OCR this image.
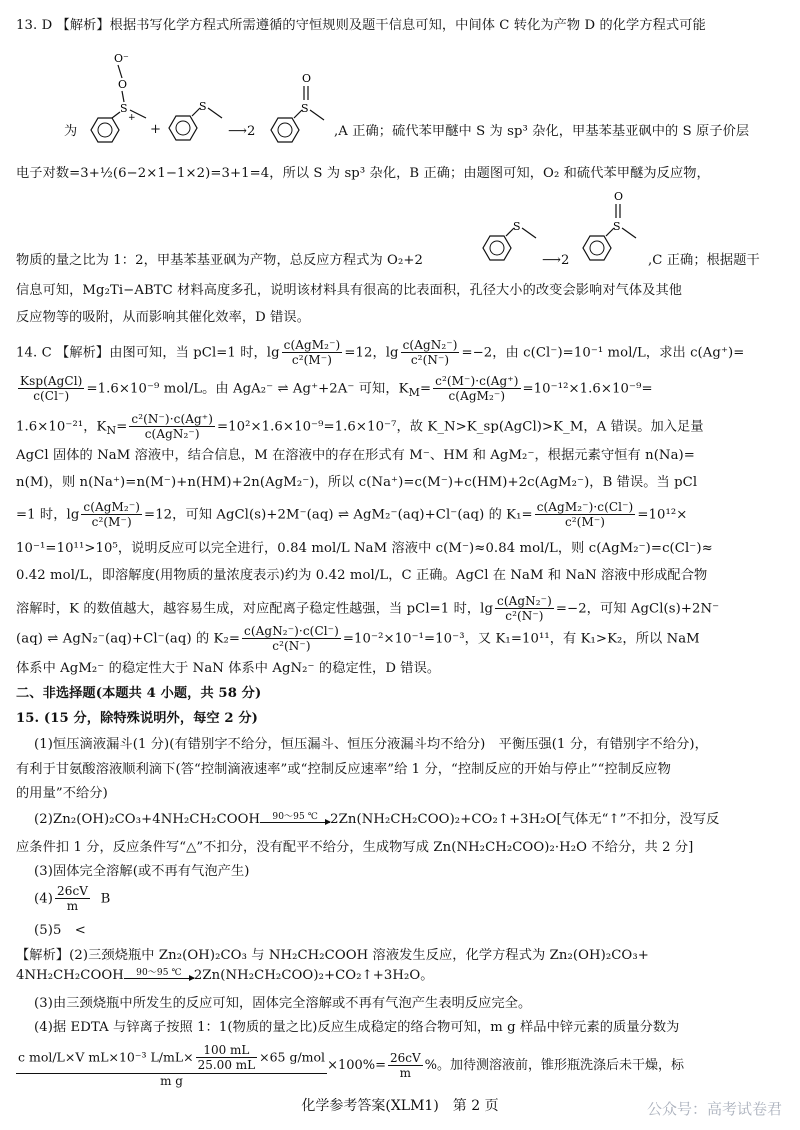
13. D 【解析】根据书写化学方程式所需遵循的守恒规则及题干信息可知，中间体 C 转化为产物 D 的化学方程式可能
O⁻
O
S
+
为	+
S
⟶2
O
S
,A 正确；硫代苯甲醚中 S 为 sp³ 杂化，甲基苯基亚砜中的 S 原子价层
电子对数=3+½(6−2×1−1×2)=3+1=4，所以 S 为 sp³ 杂化，B 正确；由题图可知，O₂ 和硫代苯甲醚为反应物，
S
O
S
物质的量之比为 1：2，甲基苯基亚砜为产物，总反应方程式为 O₂+2	⟶2	,C 正确；根据题干
信息可知，Mg₂Ti−ABTC 材料高度多孔，说明该材料具有很高的比表面积，孔径大小的改变会影响对气体及其他
反应物等的吸附，从而影响其催化效率，D 错误。
14. C 【解析】由图可知，当 pCl=1 时，$\lg \frac{\text{c(AgM₂⁻)}}{\text{c²(M⁻)}} =12$，$\lg \frac{\text{c(AgN₂⁻)}}{\text{c²(N⁻)}} =-2$，由 c(Cl⁻)=10⁻¹ mol/L，求出 c(Ag⁺)=
$\frac{\text{Ksp(AgCl)}}{c(Cl^-)} =1.6\times 10^{-9}$ mol/L。由 AgA₂⁻ ⇌ Ag⁺+2A⁻ 可知，$K_M= \frac{\text{c²(M⁻)·c(Ag⁺)}}{\text{c(AgM₂⁻)}} =10^{-12}\times 1.6\times 10^{-9}=$
1.6×10⁻²¹，$K_N= \frac{\text{c²(N⁻)·c(Ag⁺)}}{\text{c(AgN₂⁻)}} =10^2\times 1.6\times 10^{-9}=1.6\times 10^{-7}$，故 K_N>K_sp(AgCl)>K_M，A 错误。加入足量
AgCl 固体的 NaM 溶液中，结合信息，M 在溶液中的存在形式有 M⁻、HM 和 AgM₂⁻，根据元素守恒有 n(Na)=
n(M)，则 n(Na⁺)=n(M⁻)+n(HM)+2n(AgM₂⁻)，所以 c(Na⁺)=c(M⁻)+c(HM)+2c(AgM₂⁻)，B 错误。当 pCl
=1 时，$\lg \frac{\text{c(AgM₂⁻)}}{\text{c²(M⁻)}} =12$，可知 AgCl(s)+2M⁻(aq) ⇌ AgM₂⁻(aq)+Cl⁻(aq) 的 $K_1= \frac{\text{c(AgM₂⁻)·c(Cl⁻)}}{\text{c²(M⁻)}} =10^{12}\times$
10⁻¹=10¹¹>10⁵，说明反应可以完全进行，0.84 mol/L NaM 溶液中 c(M⁻)≈0.84 mol/L，则 c(AgM₂⁻)=c(Cl⁻)≈
0.42 mol/L，即溶解度(用物质的量浓度表示)约为 0.42 mol/L，C 正确。AgCl 在 NaM 和 NaN 溶液中形成配合物
溶解时，K 的数值越大，越容易生成，对应配离子稳定性越强，当 pCl=1 时，$\lg \frac{\text{c(AgN₂⁻)}}{\text{c²(N⁻)}} =-2$，可知 AgCl(s)+2N⁻
(aq) ⇌ AgN₂⁻(aq)+Cl⁻(aq) 的 $K_2= \frac{\text{c(AgN₂⁻)·c(Cl⁻)}}{\text{c²(N⁻)}} =10^{-2}\times 10^{-1}=10^{-3}$，又 K₁=10¹¹，有 K₁>K₂，所以 NaM
体系中 AgM₂⁻ 的稳定性大于 NaN 体系中 AgN₂⁻ 的稳定性，D 错误。
二、非选择题(本题共 4 小题，共 58 分)
15. (15 分，除特殊说明外，每空 2 分)
(1)恒压滴液漏斗(1 分)(有错别字不给分，恒压漏斗、恒压分液漏斗均不给分)　平衡压强(1 分，有错别字不给分)，
有利于甘氨酸溶液顺利滴下(答“控制滴液速率”或“控制反应速率”给 1 分，“控制反应的开始与停止”“控制反应物
的用量”不给分)
(2)Zn₂(OH)₂CO₃+4NH₂CH₂COOH	90～95 ℃ 2Zn(NH₂CH₂COO)₂+CO₂↑+3H₂O[气体无“↑”不扣分，没写反
应条件扣 1 分，反应条件写“△”不扣分，没有配平不给分，生成物写成 Zn(NH₂CH₂COO)₂·H₂O 不给分，共 2 分]
(3)固体完全溶解(或不再有气泡产生)
$(4) \frac{26cV}{m}$ B
(5)5　<
【解析】(2)三颈烧瓶中 Zn₂(OH)₂CO₃ 与 NH₂CH₂COOH 溶液发生反应，化学方程式为 Zn₂(OH)₂CO₃+
4NH₂CH₂COOH	90～95 ℃ 2Zn(NH₂CH₂COO)₂+CO₂↑+3H₂O。
(3)由三颈烧瓶中所发生的反应可知，固体完全溶解或不再有气泡产生表明反应完全。
(4)据 EDTA 与锌离子按照 1：1(物质的量之比)反应生成稳定的络合物可知，m g 样品中锌元素的质量分数为
$\frac{c mol/L\times V mL\times 10^{-3} L/mL\times \frac{100 mL}{25.00 mL} \times 65 g/mol}{\text{m g}} \times 100\%= \frac{26cV}{m}$ %。加待测溶液前，锥形瓶洗涤后未干燥，标
化学参考答案(XLM1)　第 2 页	公众号：高考试卷君
